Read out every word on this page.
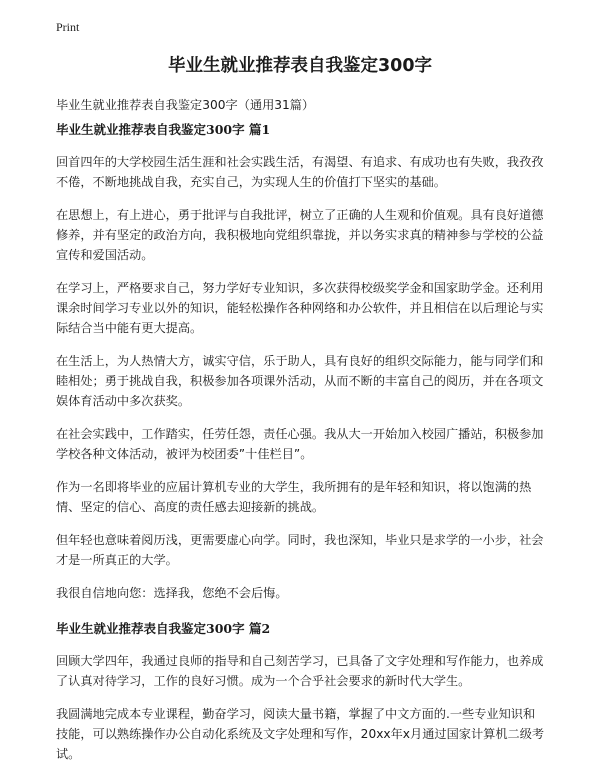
Print
毕业生就业推荐表自我鉴定300字
毕业生就业推荐表自我鉴定300字（通用31篇）
毕业生就业推荐表自我鉴定300字 篇1

回首四年的大学校园生活生涯和社会实践生活，有渴望、有追求、有成功也有失败，我孜孜不倦，不断地挑战自我，充实自己，为实现人生的价值打下坚实的基础。

在思想上，有上进心，勇于批评与自我批评，树立了正确的人生观和价值观。具有良好道德修养，并有坚定的政治方向，我积极地向党组织靠拢，并以务实求真的精神参与学校的公益宣传和爱国活动。

在学习上，严格要求自己，努力学好专业知识，多次获得校级奖学金和国家助学金。还利用课余时间学习专业以外的知识，能轻松操作各种网络和办公软件，并且相信在以后理论与实际结合当中能有更大提高。

在生活上，为人热情大方，诚实守信，乐于助人，具有良好的组织交际能力，能与同学们和睦相处；勇于挑战自我，积极参加各项课外活动，从而不断的丰富自己的阅历，并在各项文娱体育活动中多次获奖。

在社会实践中，工作踏实，任劳任怨，责任心强。我从大一开始加入校园广播站，积极参加学校各种文体活动，被评为校团委”十佳栏目”。

作为一名即将毕业的应届计算机专业的大学生，我所拥有的是年轻和知识，将以饱满的热情、坚定的信心、高度的责任感去迎接新的挑战。

但年轻也意味着阅历浅，更需要虚心向学。同时，我也深知，毕业只是求学的一小步，社会才是一所真正的大学。

我很自信地向您：选择我，您绝不会后悔。

毕业生就业推荐表自我鉴定300字 篇2

回顾大学四年，我通过良师的指导和自己刻苦学习，已具备了文字处理和写作能力，也养成了认真对待学习，工作的良好习惯。成为一个合乎社会要求的新时代大学生。

我圆满地完成本专业课程，勤奋学习，阅读大量书籍，掌握了中文方面的.一些专业知识和技能，可以熟练操作办公自动化系统及文字处理和写作，20xx年x月通过国家计算机二级考试。
